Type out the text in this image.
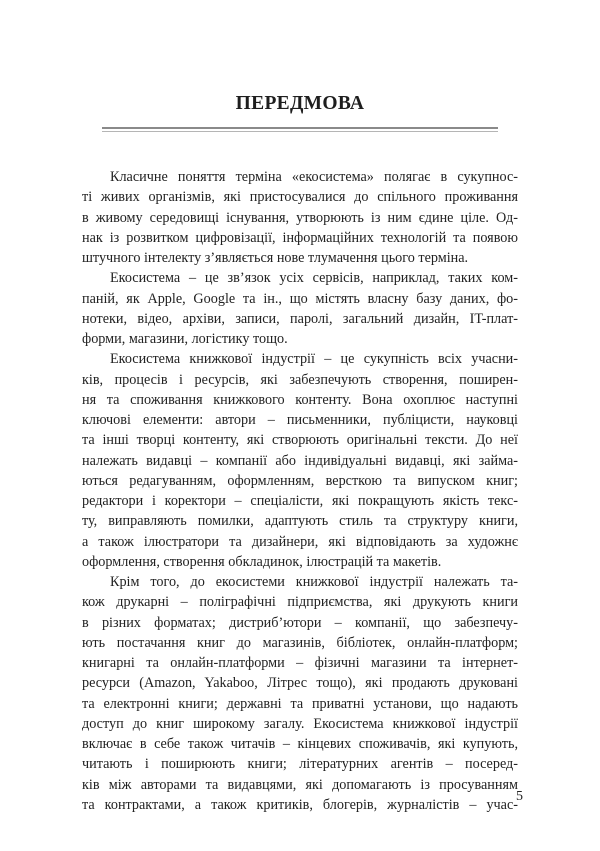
ПЕРЕДМОВА
Класичне поняття терміна «екосистема» полягає в сукупнос-
ті живих організмів, які пристосувалися до спільного проживання
в живому середовищі існування, утворюють із ним єдине ціле. Од-
нак із розвитком цифровізації, інформаційних технологій та появою
штучного інтелекту з’являється нове тлумачення цього терміна.
Екосистема – це зв’язок усіх сервісів, наприклад, таких ком-
паній, як Apple, Google та ін., що містять власну базу даних, фо-
нотеки, відео, архіви, записи, паролі, загальний дизайн, IT-плат-
форми, магазини, логістику тощо.
Екосистема книжкової індустрії – це сукупність всіх учасни-
ків, процесів і ресурсів, які забезпечують створення, поширен-
ня та споживання книжкового контенту. Вона охоплює наступні
ключові елементи: автори – письменники, публіцисти, науковці
та інші творці контенту, які створюють оригінальні тексти. До неї
належать видавці – компанії або індивідуальні видавці, які займа-
ються редагуванням, оформленням, версткою та випуском книг;
редактори і коректори – спеціалісти, які покращують якість текс-
ту, виправляють помилки, адаптують стиль та структуру книги,
а також ілюстратори та дизайнери, які відповідають за художнє
оформлення, створення обкладинок, ілюстрацій та макетів.
Крім того, до екосистеми книжкової індустрії належать та-
кож друкарні – поліграфічні підприємства, які друкують книги
в різних форматах; дистриб’ютори – компанії, що забезпечу-
ють постачання книг до магазинів, бібліотек, онлайн-платформ;
книгарні та онлайн-платформи – фізичні магазини та інтернет-
ресурси (Amazon, Yakaboo, Літрес тощо), які продають друковані
та електронні книги; державні та приватні установи, що надають
доступ до книг широкому загалу. Екосистема книжкової індустрії
включає в себе також читачів – кінцевих споживачів, які купують,
читають і поширюють книги; літературних агентів – посеред-
ків між авторами та видавцями, які допомагають із просуванням
та контрактами, а також критиків, блогерів, журналістів – учас-
5
